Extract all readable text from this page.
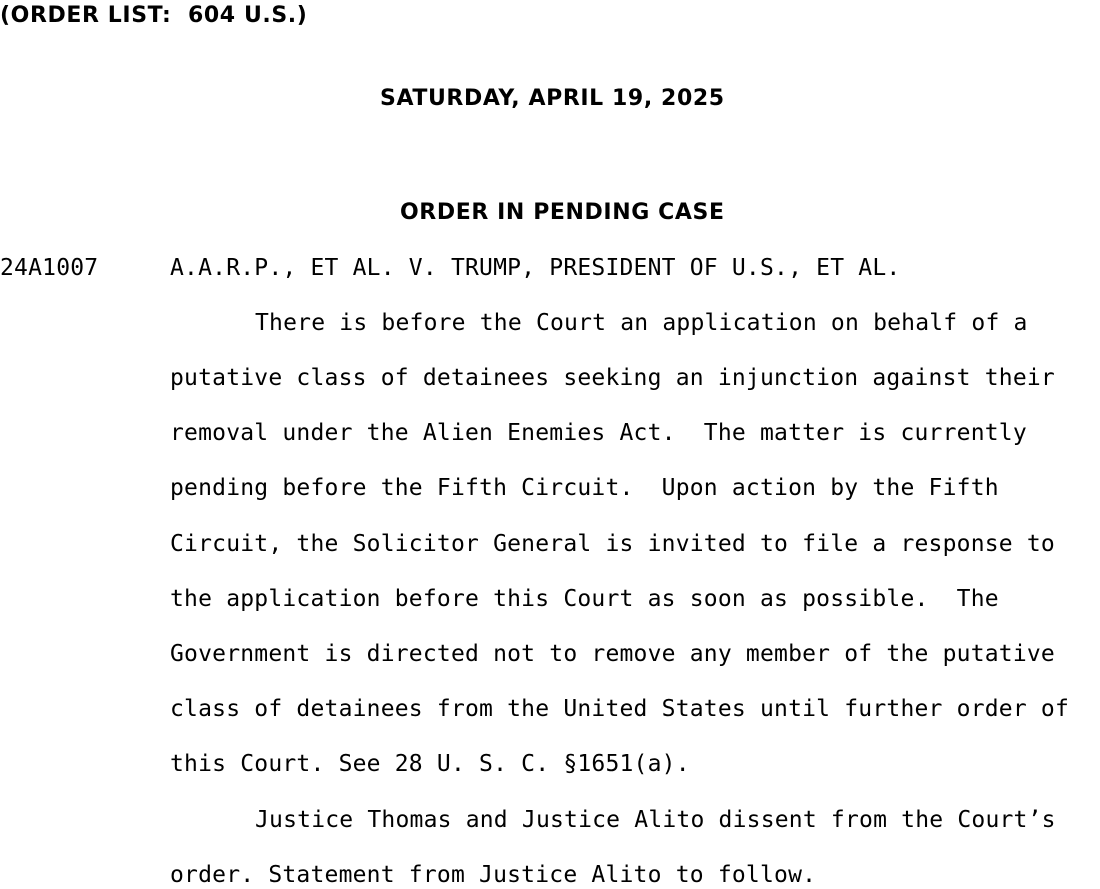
(ORDER LIST:  604 U.S.)
SATURDAY, APRIL 19, 2025
ORDER IN PENDING CASE
24A1007	A.A.R.P., ET AL. V. TRUMP, PRESIDENT OF U.S., ET AL.
There is before the Court an application on behalf of a
putative class of detainees seeking an injunction against their
removal under the Alien Enemies Act.  The matter is currently
pending before the Fifth Circuit.  Upon action by the Fifth
Circuit, the Solicitor General is invited to file a response to
the application before this Court as soon as possible.  The
Government is directed not to remove any member of the putative
class of detainees from the United States until further order of
this Court. See 28 U. S. C. §1651(a).
Justice Thomas and Justice Alito dissent from the Court’s
order. Statement from Justice Alito to follow.
